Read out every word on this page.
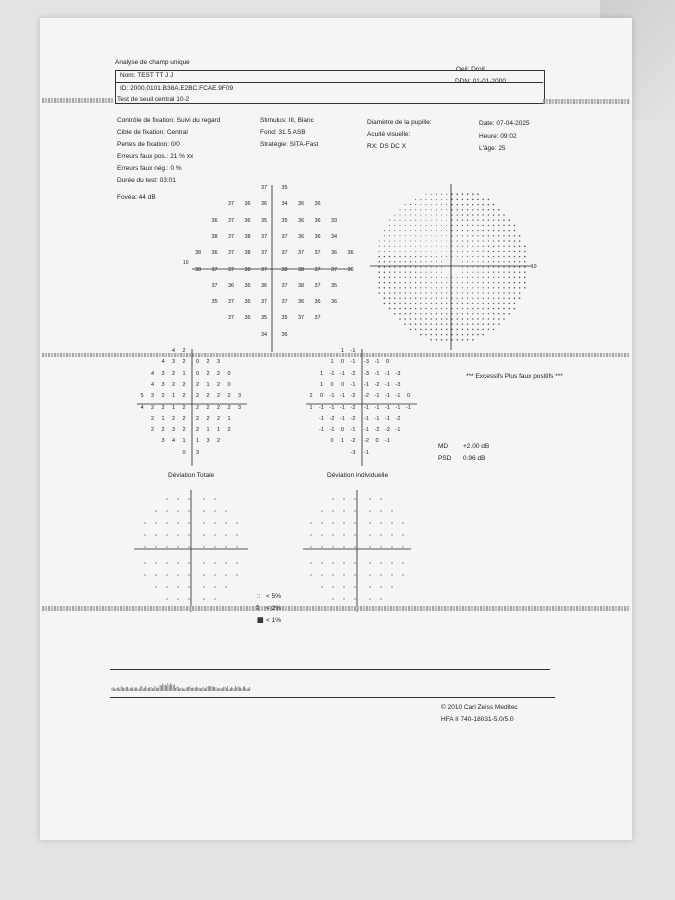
Analyse de champ unique
Oeil: Droit
Nom: TEST TT J J
DDN: 01-01-2000
ID: 2000.0101.B38A.E2BC.FCAE.9F09
Test de seuil central 10-2
Contrôle de fixation: Suivi du regard
Cible de fixation: Central
Pertes de fixation: 0/0
Erreurs faux pos.: 21 % xx
Erreurs faux nég.: 0 %
Durée du test: 03:01
Fovéa: 44 dB
Stimulus: III, Blanc
Fond: 31.5 ASB
Stratégie: SITA-Fast
Diamètre de la pupille:
Acuité visuelle:
RX: DS DC X
Date: 07-04-2025
Heure: 09:02
L'âge: 25
37	35
37	36	36	34	36	36
36	37	36	35	35	36	36	33
38	37	38	37	37	36	36	34
38	36	37	38	37	37	37	37	36	36
38	37	37	38	37	38	38	37	37	36
37	36	36	36	37	38	37	35
35	37	36	37	37	36	36	36
37	36	35	35	37	37
34	36
10
10
4	2
4	3	2	0	2	3
4	3	2	1	0	2	2	0
4	3	2	2	2	1	2	0
5	3	2	1	2	2	2	2	2	3
4	2	2	1	2	2	2	2	2	3
2	1	2	2	2	2	2	1
2	2	3	2	2	1	1	2
3	4	1	1	3	2
0	3
1	-1
1	0	-1	-3	-1	0
1	-1	-1	-2	-3	-1	-1	-3
1	0	0	-1	-1	-2	-1	-3
2	0	-1	-1	-2	-2	-1	-1	-1	0
1	-1	-1	-1	-2	-1	-1	-1	-1	-1
-1	-2	-1	-2	-1	-1	-1	-2
-1	-1	0	-1	-1	-2	-2	-1
0	1	-2	-2	0	-1
-3	-1
*** Excessifs Plus faux positifs ***
MD +2.00 dB
PSD 0.96 dB
Déviation Totale	Déviation individuelle
:: < 5%
⁑ < 2%
▦ < 1%
© 2010 Carl Zeiss Meditec
HFA II 740-18031-5.0/5.0
